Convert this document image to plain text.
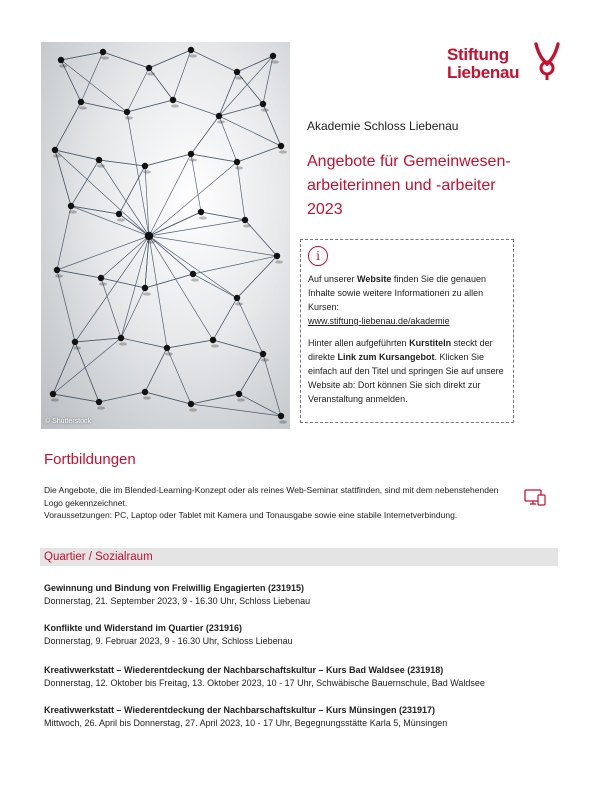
© Shutterstock
Stiftung
Liebenau
Akademie Schloss Liebenau
Angebote für Gemeinwesen-
arbeiterinnen und -arbeiter
2023
i

Auf unserer Website finden Sie die genauen Inhalte sowie weitere Informationen zu allen Kursen:
www.stiftung-liebenau.de/akademie

Hinter allen aufgeführten Kurstiteln steckt der direkte Link zum Kursangebot. Klicken Sie einfach auf den Titel und springen Sie auf unsere Website ab: Dort können Sie sich direkt zur Veranstaltung anmelden.

Fortbildungen

Die Angebote, die im Blended-Learning-Konzept oder als reines Web-Seminar stattfinden, sind mit dem nebenstehenden Logo gekennzeichnet.

Voraussetzungen: PC, Laptop oder Tablet mit Kamera und Tonausgabe sowie eine stabile Internetverbindung.

Quartier / Sozialraum
Gewinnung und Bindung von Freiwillig Engagierten (231915)
Donnerstag, 21. September 2023, 9 - 16.30 Uhr, Schloss Liebenau
Konflikte und Widerstand im Quartier (231916)
Donnerstag, 9. Februar 2023, 9 - 16.30 Uhr, Schloss Liebenau
Kreativwerkstatt – Wiederentdeckung der Nachbarschaftskultur – Kurs Bad Waldsee (231918)
Donnerstag, 12. Oktober bis Freitag, 13. Oktober 2023, 10 - 17 Uhr, Schwäbische Bauernschule, Bad Waldsee
Kreativwerkstatt – Wiederentdeckung der Nachbarschaftskultur – Kurs Münsingen (231917)
Mittwoch, 26. April bis Donnerstag, 27. April 2023, 10 - 17 Uhr, Begegnungsstätte Karla 5, Münsingen
